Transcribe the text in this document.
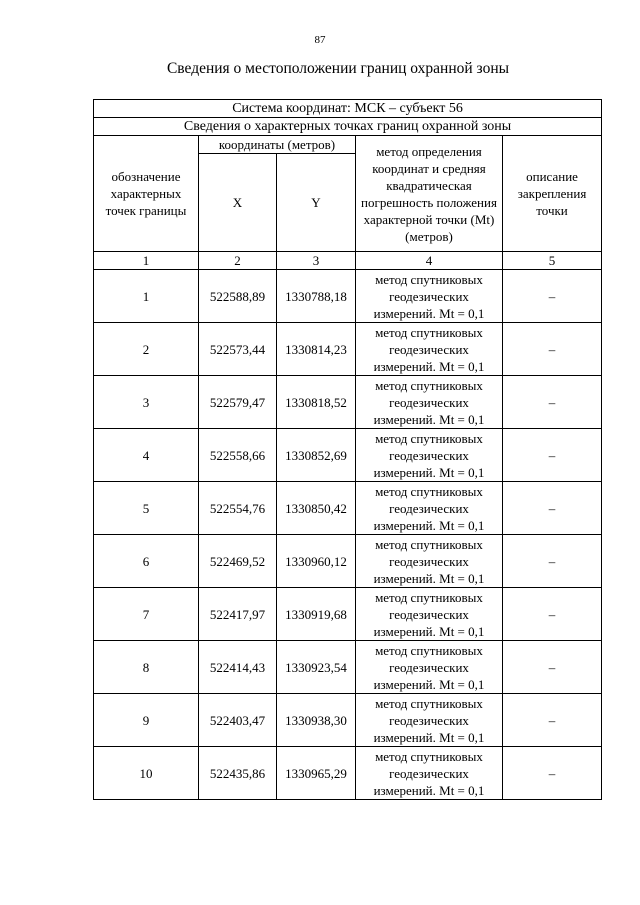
87
Сведения о местоположении границ охранной зоны
Система координат: МСК – субъект 56				
Сведения о характерных точках границ охранной зоны				
обозначение характерных точек границы	координаты (метров)		метод определения координат и средняя квадратическая погрешность положения характерной точки (Mt) (метров)	описание закрепления точки
	X	Y		
1	2	3	4	5
1	522588,89	1330788,18	метод спутниковых геодезических измерений. Mt = 0,1	–
2	522573,44	1330814,23	метод спутниковых геодезических измерений. Mt = 0,1	–
3	522579,47	1330818,52	метод спутниковых геодезических измерений. Mt = 0,1	–
4	522558,66	1330852,69	метод спутниковых геодезических измерений. Mt = 0,1	–
5	522554,76	1330850,42	метод спутниковых геодезических измерений. Mt = 0,1	–
6	522469,52	1330960,12	метод спутниковых геодезических измерений. Mt = 0,1	–
7	522417,97	1330919,68	метод спутниковых геодезических измерений. Mt = 0,1	–
8	522414,43	1330923,54	метод спутниковых геодезических измерений. Mt = 0,1	–
9	522403,47	1330938,30	метод спутниковых геодезических измерений. Mt = 0,1	–
10	522435,86	1330965,29	метод спутниковых геодезических измерений. Mt = 0,1	–
